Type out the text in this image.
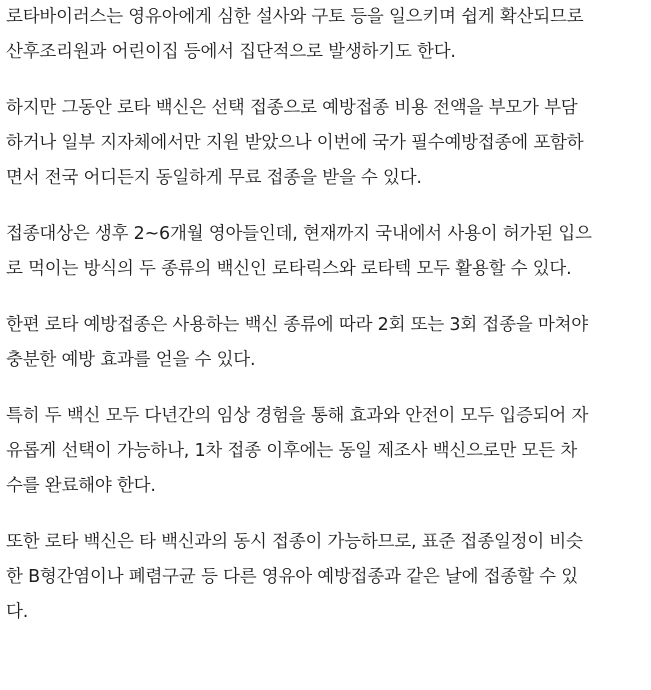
로타바이러스는 영유아에게 심한 설사와 구토 등을 일으키며 쉽게 확산되므로
산후조리원과 어린이집 등에서 집단적으로 발생하기도 한다.

하지만 그동안 로타 백신은 선택 접종으로 예방접종 비용 전액을 부모가 부담
하거나 일부 지자체에서만 지원 받았으나 이번에 국가 필수예방접종에 포함하
면서 전국 어디든지 동일하게 무료 접종을 받을 수 있다.

접종대상은 생후 2~6개월 영아들인데, 현재까지 국내에서 사용이 허가된 입으
로 먹이는 방식의 두 종류의 백신인 로타릭스와 로타텍 모두 활용할 수 있다.

한편 로타 예방접종은 사용하는 백신 종류에 따라 2회 또는 3회 접종을 마쳐야
충분한 예방 효과를 얻을 수 있다.

특히 두 백신 모두 다년간의 임상 경험을 통해 효과와 안전이 모두 입증되어 자
유롭게 선택이 가능하나, 1차 접종 이후에는 동일 제조사 백신으로만 모든 차
수를 완료해야 한다.

또한 로타 백신은 타 백신과의 동시 접종이 가능하므로, 표준 접종일정이 비슷
한 B형간염이나 폐렴구균 등 다른 영유아 예방접종과 같은 날에 접종할 수 있
다.
